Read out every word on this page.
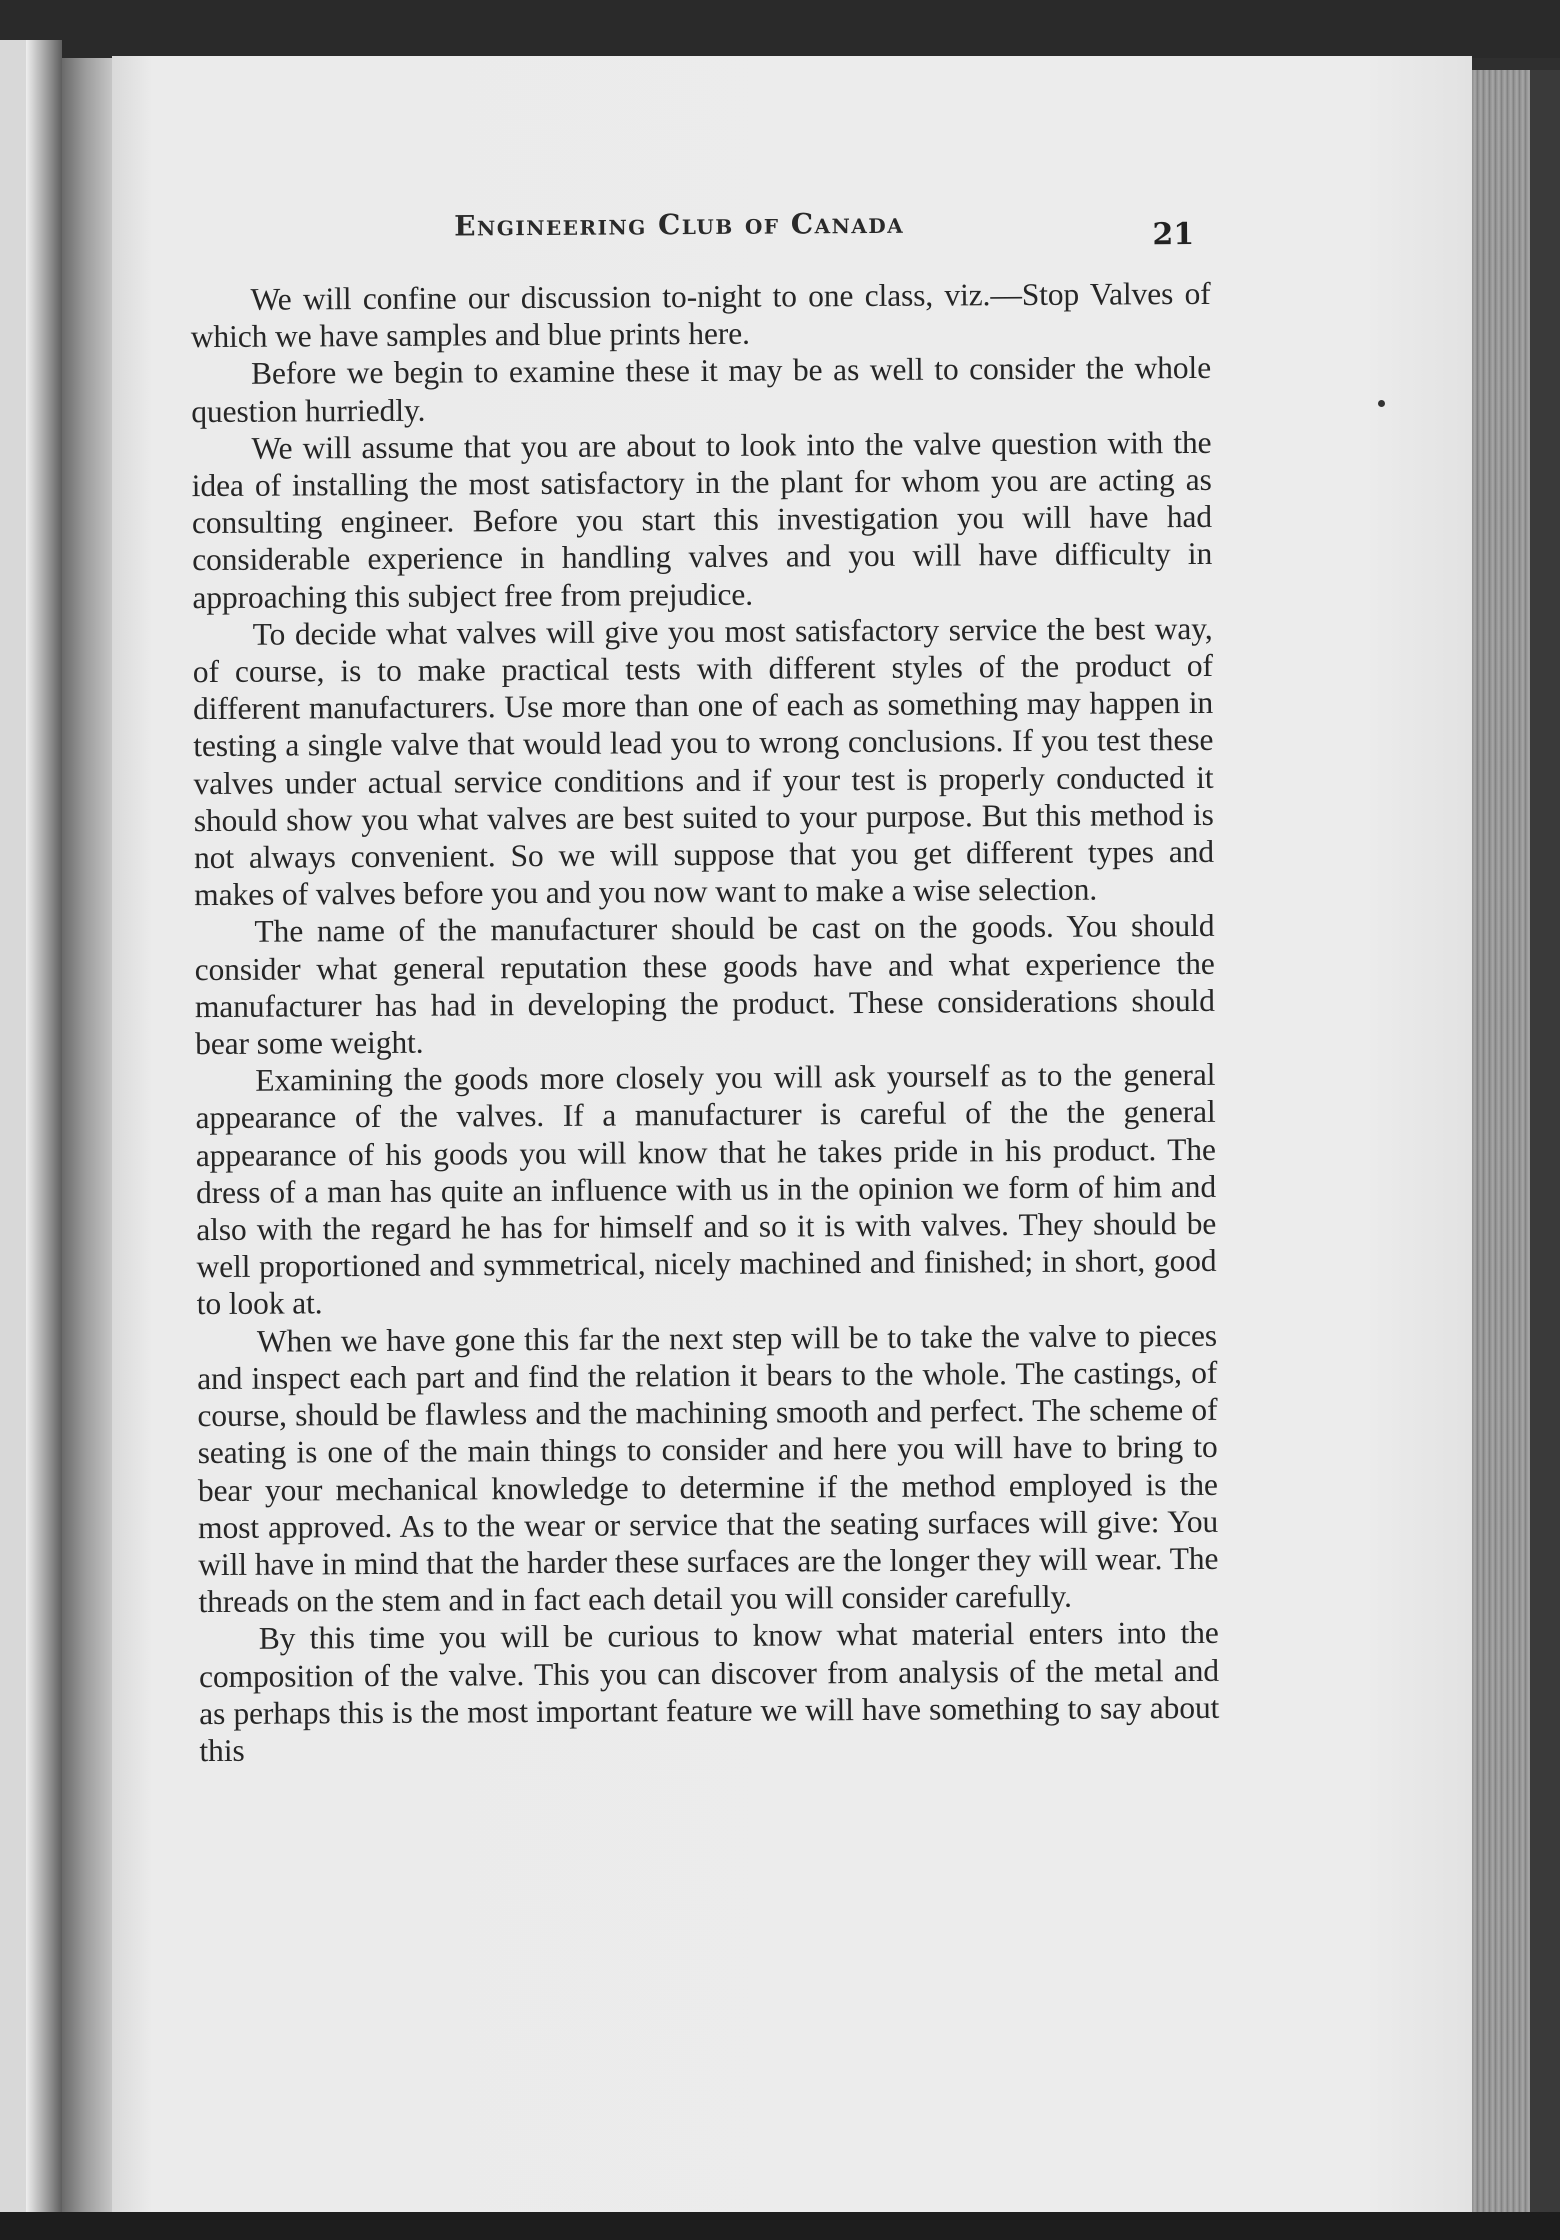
Engineering Club of Canada	21

We will confine our discussion to-night to one class, viz.—Stop Valves of which we have samples and blue prints here.

Before we begin to examine these it may be as well to consider the whole question hurriedly.

We will assume that you are about to look into the valve question with the idea of installing the most satisfactory in the plant for whom you are acting as consulting engineer. Before you start this investigation you will have had considerable experience in handling valves and you will have difficulty in approaching this subject free from prejudice.

To decide what valves will give you most satisfactory service the best way, of course, is to make practical tests with different styles of the product of different manufacturers. Use more than one of each as something may happen in testing a single valve that would lead you to wrong conclusions. If you test these valves under actual service conditions and if your test is properly conducted it should show you what valves are best suited to your purpose. But this method is not always convenient. So we will suppose that you get different types and makes of valves before you and you now want to make a wise selection.

The name of the manufacturer should be cast on the goods. You should consider what general reputation these goods have and what experience the manufacturer has had in developing the product. These considerations should bear some weight.

Examining the goods more closely you will ask yourself as to the general appearance of the valves. If a manufacturer is careful of the the general appearance of his goods you will know that he takes pride in his product. The dress of a man has quite an influence with us in the opinion we form of him and also with the regard he has for himself and so it is with valves. They should be well proportioned and symmetrical, nicely machined and finished; in short, good to look at.

When we have gone this far the next step will be to take the valve to pieces and inspect each part and find the relation it bears to the whole. The castings, of course, should be flawless and the machining smooth and perfect. The scheme of seating is one of the main things to consider and here you will have to bring to bear your mechanical knowledge to determine if the method employed is the most approved. As to the wear or service that the seating surfaces will give: You will have in mind that the harder these surfaces are the longer they will wear. The threads on the stem and in fact each detail you will consider carefully.

By this time you will be curious to know what material enters into the composition of the valve. This you can discover from analysis of the metal and as perhaps this is the most important feature we will have something to say about this
